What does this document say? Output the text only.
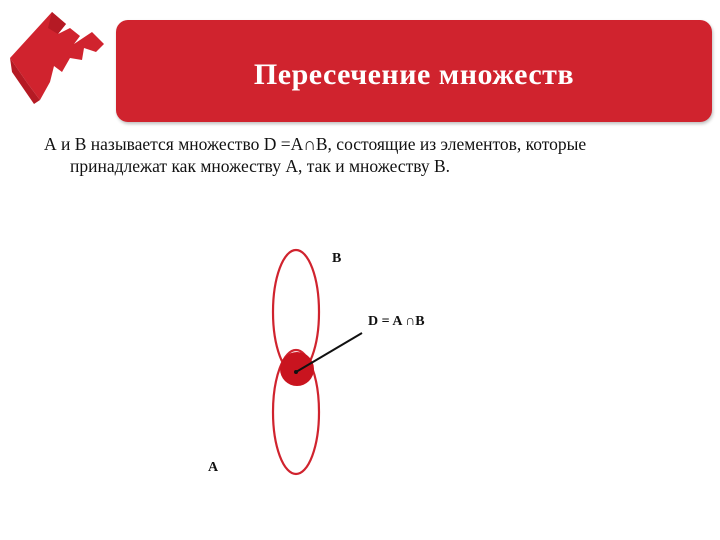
Пересечение множеств
А и В называется множество D =А∩В, состоящие из элементов, которые
принадлежат как множеству А, так и множеству В.
В
D = A ∩B
А
